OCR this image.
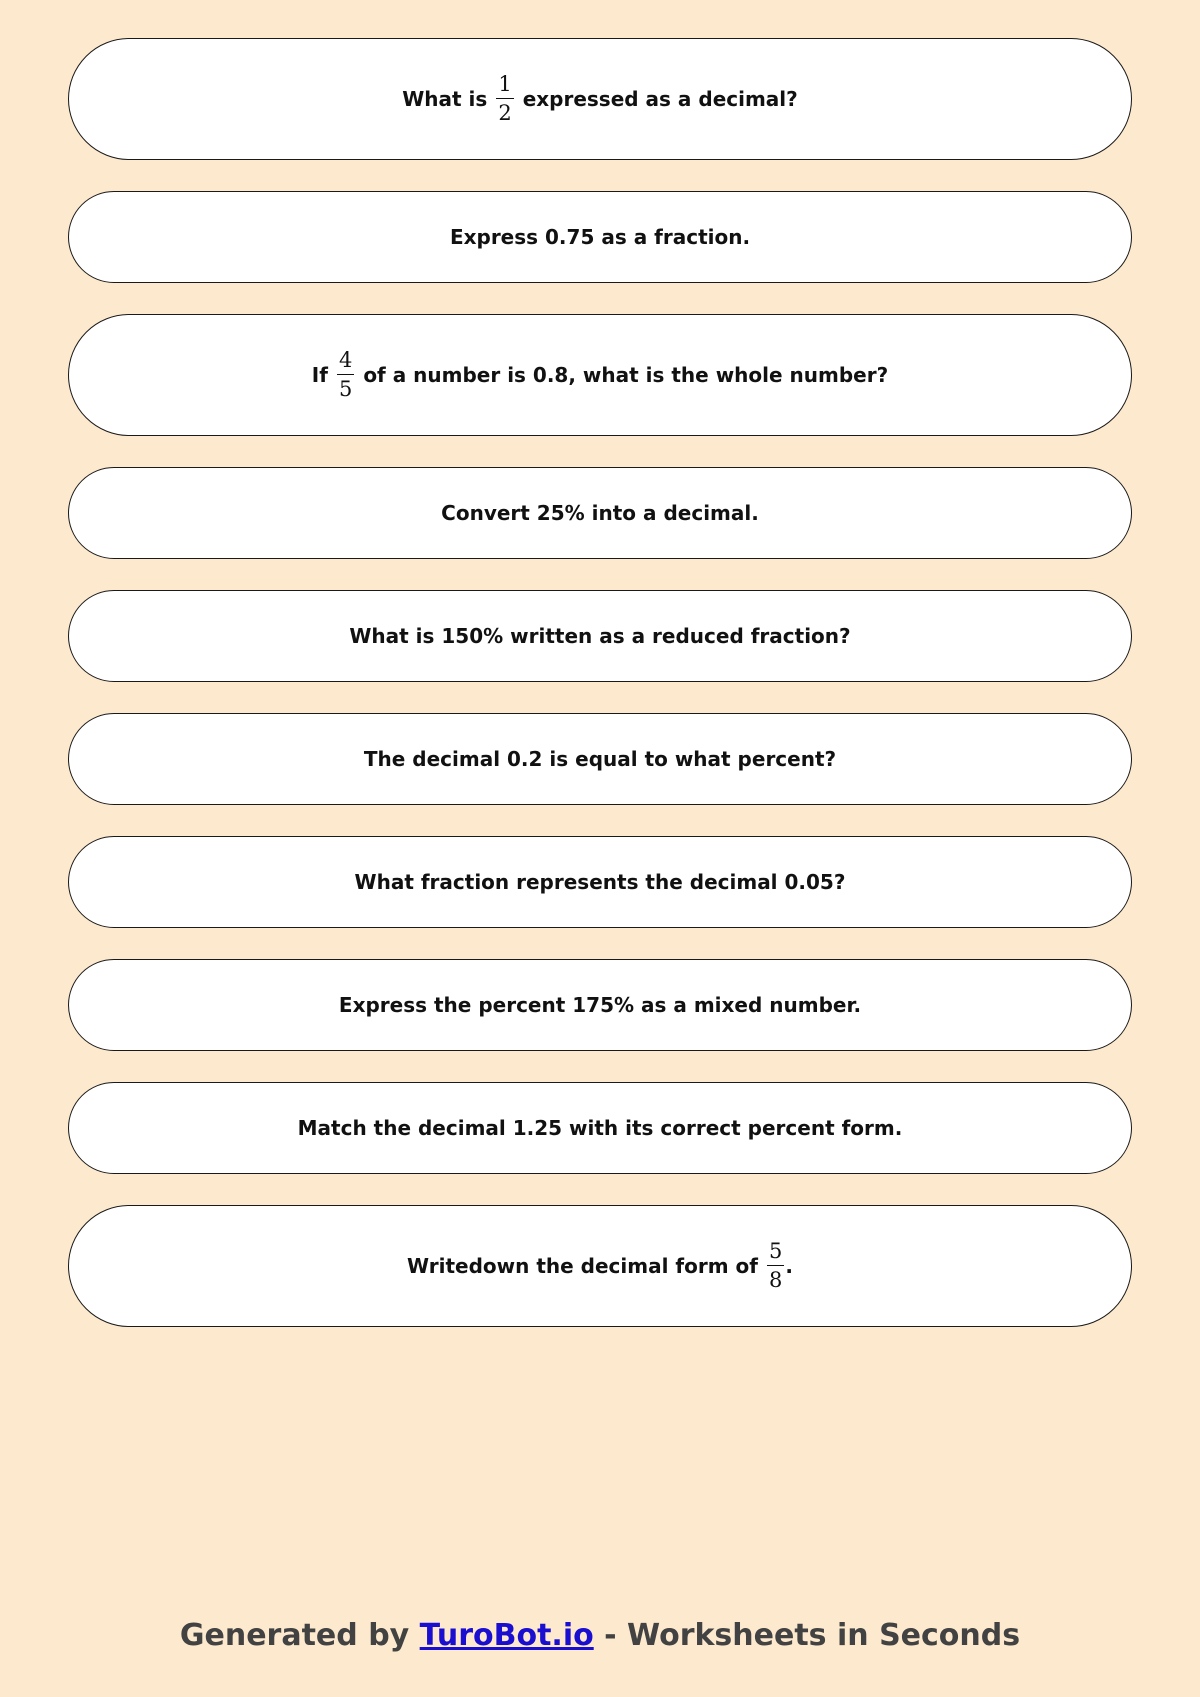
What is $\frac{1}{2}$ expressed as a decimal?
Express 0.75 as a fraction.
If $\frac{4}{5}$ of a number is 0.8, what is the whole number?
Convert 25% into a decimal.
What is 150% written as a reduced fraction?
The decimal 0.2 is equal to what percent?
What fraction represents the decimal 0.05?
Express the percent 175% as a mixed number.
Match the decimal 1.25 with its correct percent form.
Writedown the decimal form of $\frac{5}{8}$ .
Generated by TuroBot.io - Worksheets in Seconds
